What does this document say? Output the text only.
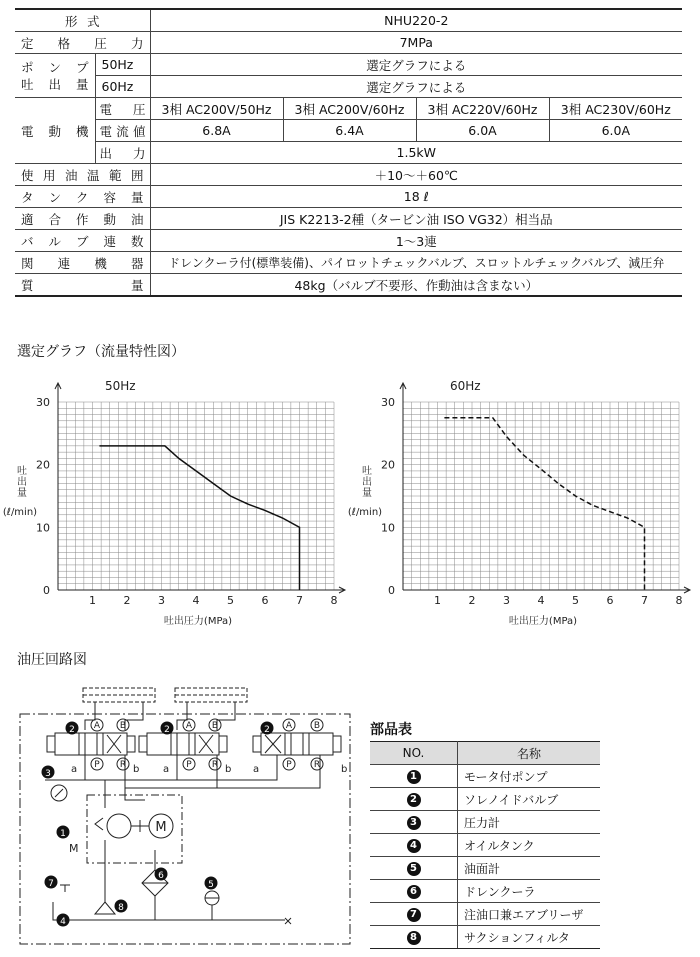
形式		NHU220-2			
定格圧力		7MPa			

ポンプ
吐出量	50Hz	選定グラフによる			
	60Hz	選定グラフによる			
電動機	電圧	3相 AC200V/50Hz	3相 AC200V/60Hz	3相 AC220V/60Hz	3相 AC230V/60Hz
	電流値	6.8A	6.4A	6.0A	6.0A
	出力	1.5kW			
使用油温範囲		＋10～＋60℃			
タンク容量		18 ℓ			
適合作動油		JIS K2213-2種（タービン油 ISO VG32）相当品			
バルブ連数		1～3連			
関連機器		ドレンクーラ付(標準装備)、パイロットチェックバルブ、スロットルチェックバルブ、減圧弁			
質量		48kg（バルブ不要形、作動油は含まない）			
選定グラフ（流量特性図）
1	2	3	4	5	6	7	8
0
10
20
30
50Hz
吐出量
(ℓ/min)
吐出圧力(MPa)
1	2	3	4	5	6	7	8
0
10
20
30
60Hz
吐出量
(ℓ/min)
吐出圧力(MPa)
油圧回路図
M
A B	A B	A B
P R	P R	P R
a	b a	b a	b
M
2	2	2
3
1
7
6
5
8
4
部品表
NO.	名称
1	モータ付ポンプ
2	ソレノイドバルブ
3	圧力計
4	オイルタンク
5	油面計
6	ドレンクーラ
7	注油口兼エアブリーザ
8	サクションフィルタ
